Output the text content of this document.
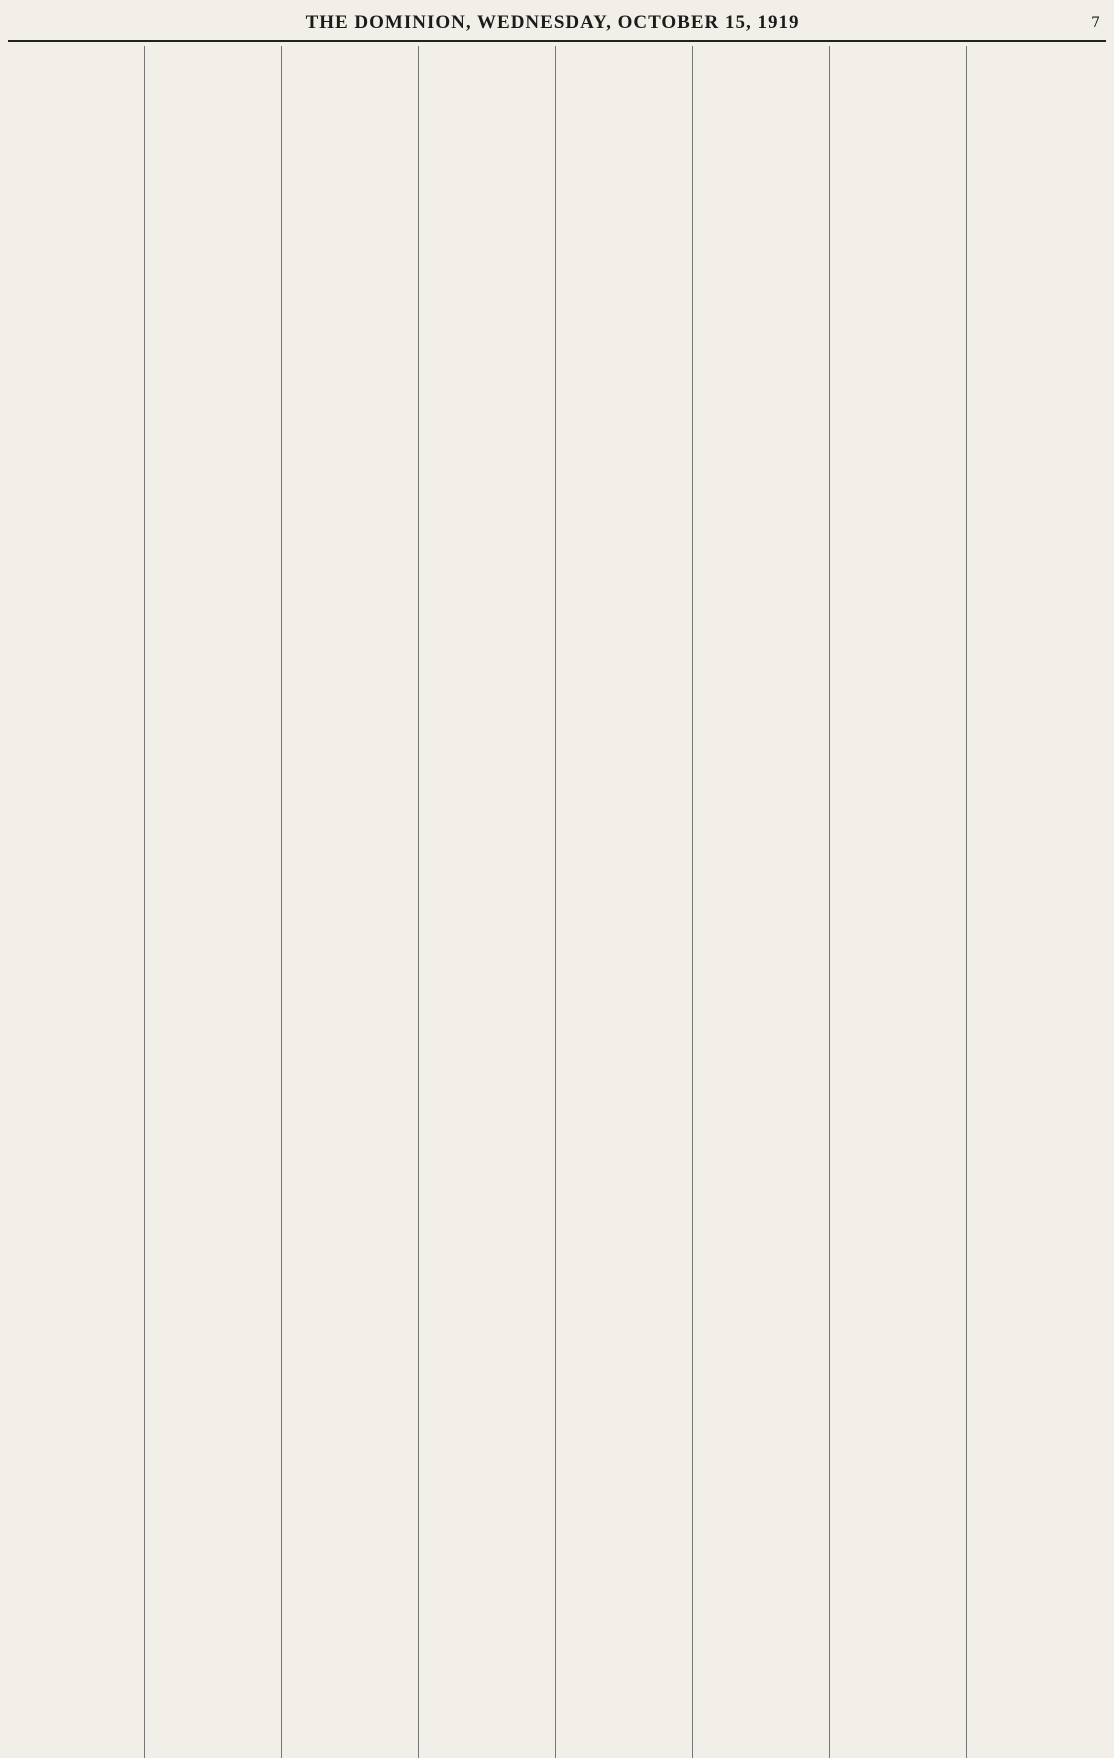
THE DOMINION, WEDNESDAY, OCTOBER 15, 1919	7
